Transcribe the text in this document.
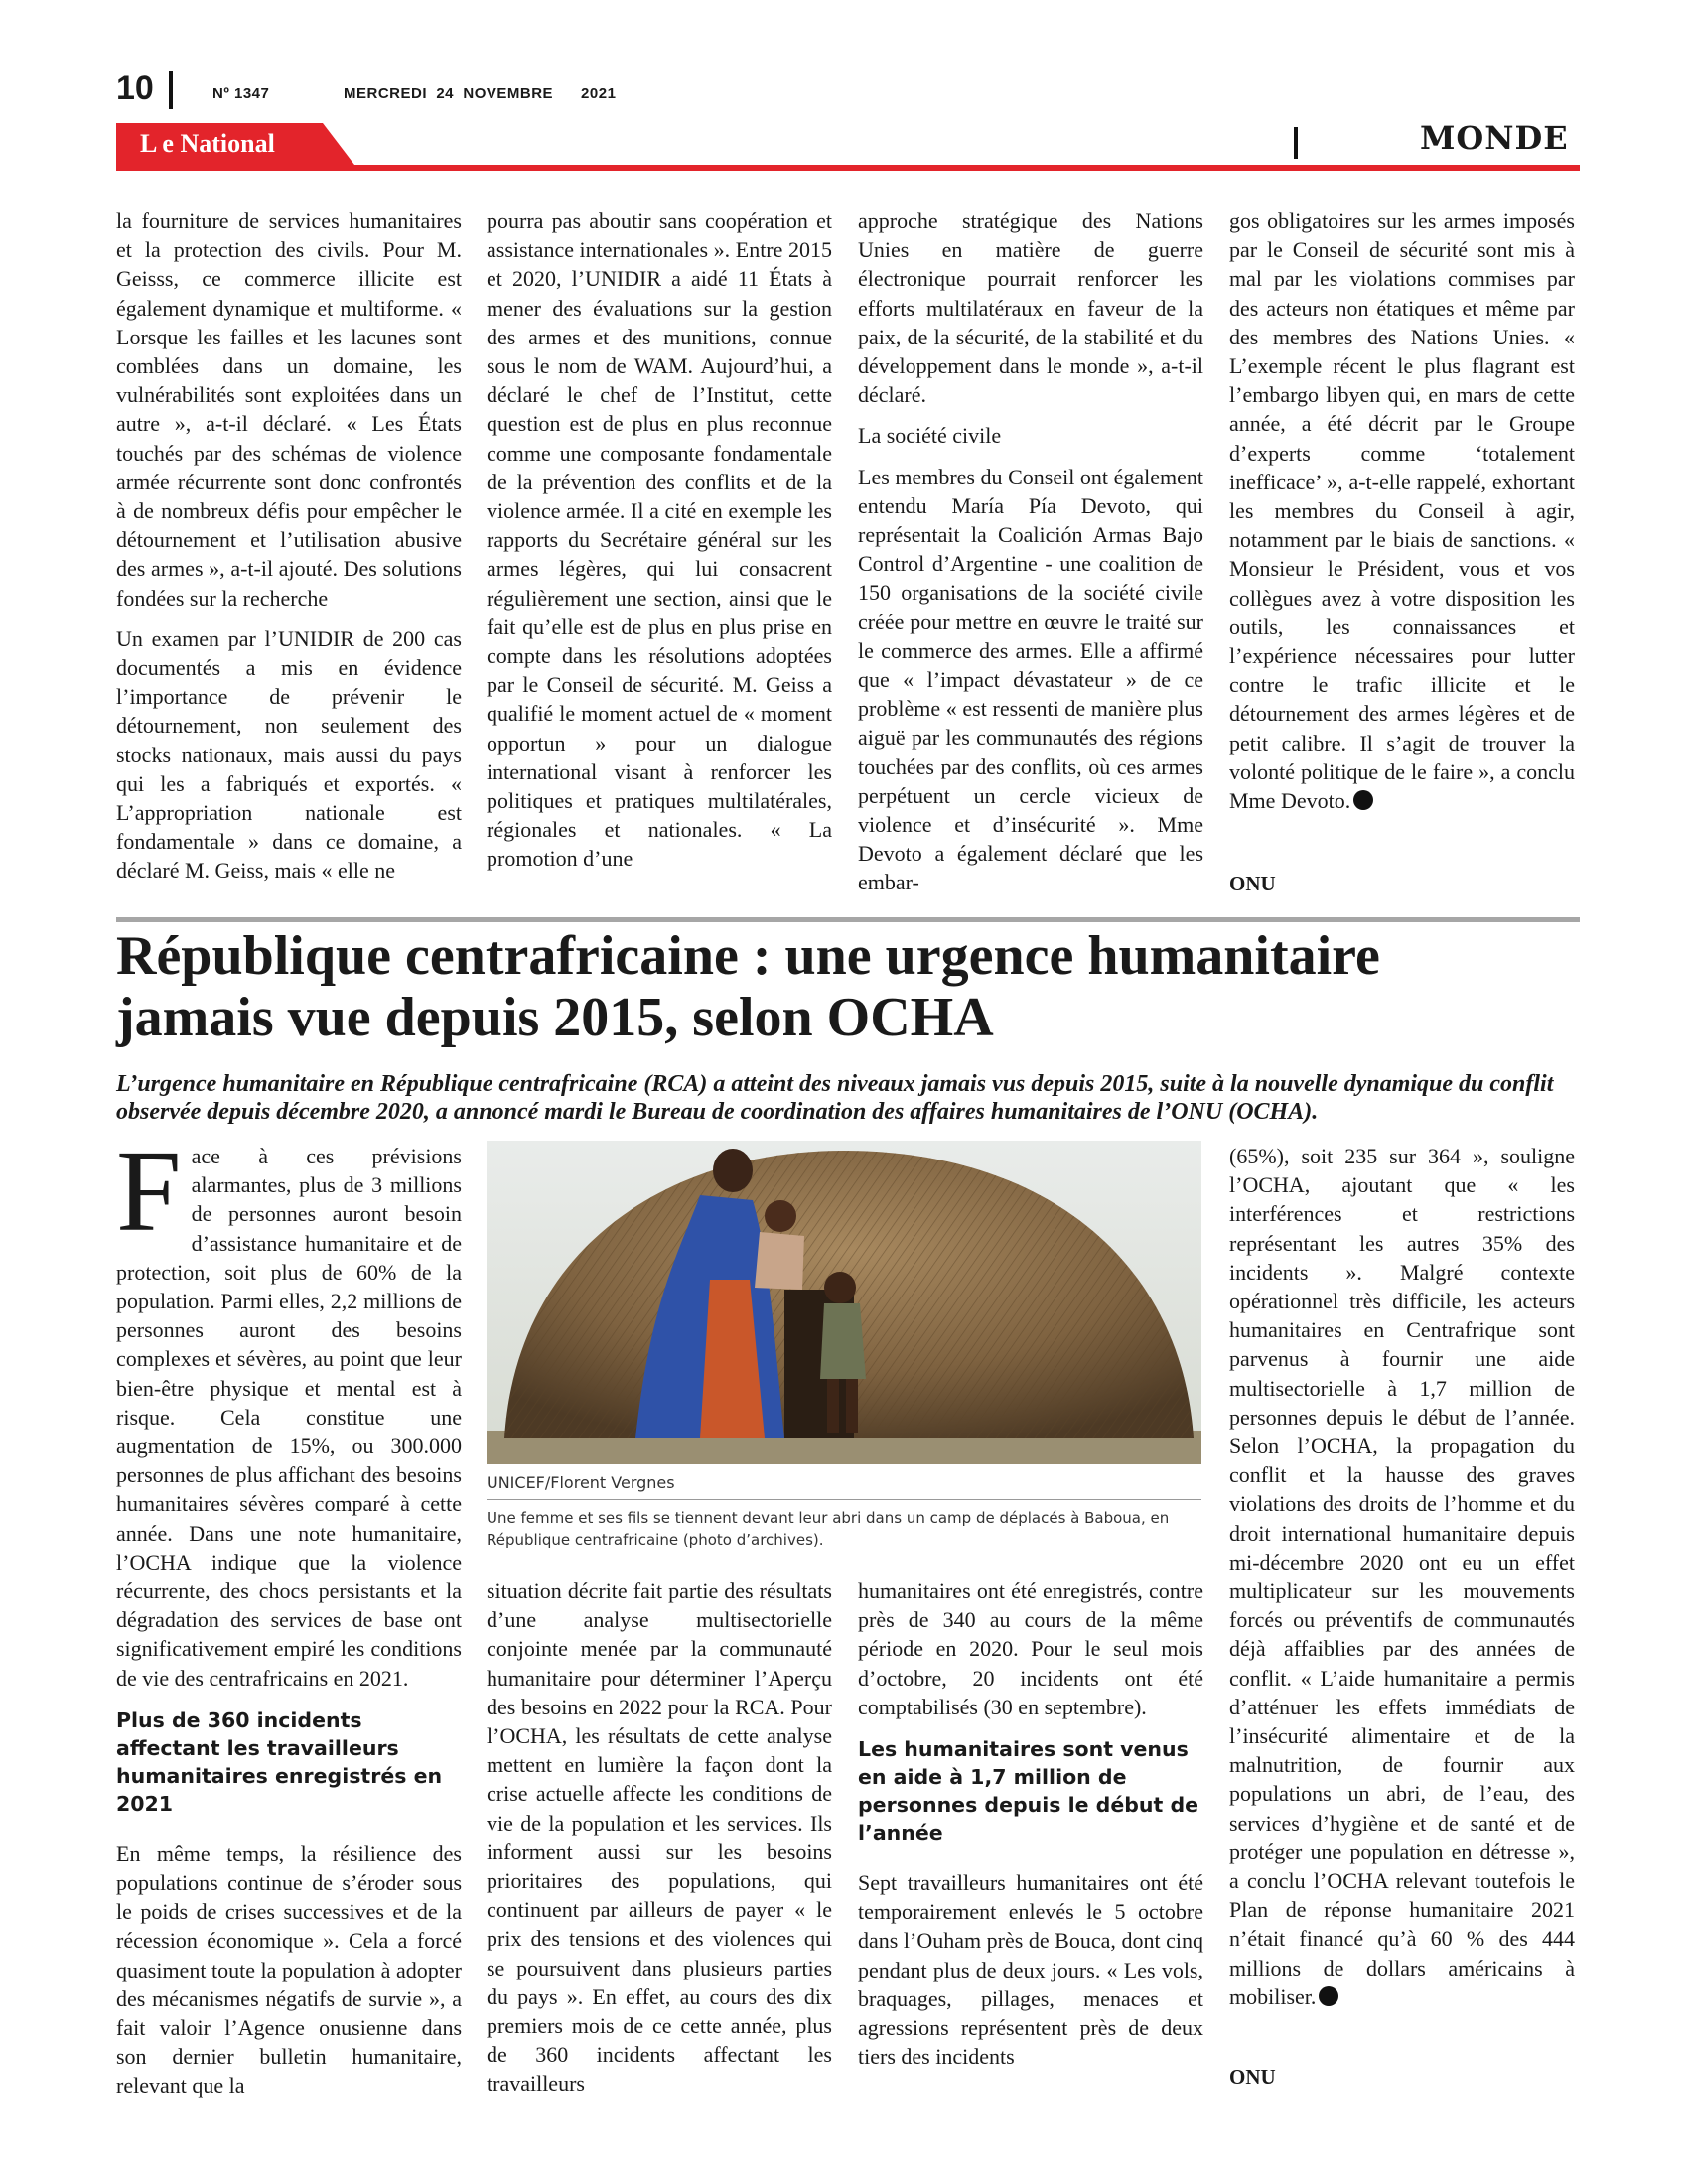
10	Nº 1347	MERCREDI  24  NOVEMBRE      2021
L e National	MONDE

la fourniture de services humanitaires et la protection des civils. Pour M. Geisss, ce commerce illicite est également dynamique et multiforme. « Lorsque les failles et les lacunes sont comblées dans un domaine, les vulnérabilités sont exploitées dans un autre », a-t-il déclaré. « Les États touchés par des schémas de violence armée récurrente sont donc confrontés à de nombreux défis pour empêcher le détournement et l’utilisation abusive des armes », a-t-il ajouté. Des solutions fondées sur la recherche

Un examen par l’UNIDIR de 200 cas documentés a mis en évidence l’importance de prévenir le détournement, non seulement des stocks nationaux, mais aussi du pays qui les a fabriqués et exportés. « L’appropriation nationale est fondamentale » dans ce domaine, a déclaré M. Geiss, mais « elle ne

pourra pas aboutir sans coopération et assistance internationales ». Entre 2015 et 2020, l’UNIDIR a aidé 11 États à mener des évaluations sur la gestion des armes et des munitions, connue sous le nom de WAM. Aujourd’hui, a déclaré le chef de l’Institut, cette question est de plus en plus reconnue comme une composante fondamentale de la prévention des conflits et de la violence armée. Il a cité en exemple les rapports du Secrétaire général sur les armes légères, qui lui consacrent régulièrement une section, ainsi que le fait qu’elle est de plus en plus prise en compte dans les résolutions adoptées par le Conseil de sécurité. M. Geiss a qualifié le moment actuel de « moment opportun » pour un dialogue international visant à renforcer les politiques et pratiques multilatérales, régionales et nationales. « La promotion d’une

approche stratégique des Nations Unies en matière de guerre électronique pourrait renforcer les efforts multilatéraux en faveur de la paix, de la sécurité, de la stabilité et du développement dans le monde », a-t-il déclaré.

La société civile

Les membres du Conseil ont également entendu María Pía Devoto, qui représentait la Coalición Armas Bajo Control d’Argentine - une coalition de 150 organisations de la société civile créée pour mettre en œuvre le traité sur le commerce des armes. Elle a affirmé que « l’impact dévastateur » de ce problème « est ressenti de manière plus aiguë par les communautés des régions touchées par des conflits, où ces armes perpétuent un cercle vicieux de violence et d’insécurité ». Mme Devoto a également déclaré que les embar-

gos obligatoires sur les armes imposés par le Conseil de sécurité sont mis à mal par les violations commises par des acteurs non étatiques et même par des membres des Nations Unies. « L’exemple récent le plus flagrant est l’embargo libyen qui, en mars de cette année, a été décrit par le Groupe d’experts comme ‘totalement inefficace’ », a-t-elle rappelé, exhortant les membres du Conseil à agir, notamment par le biais de sanctions. « Monsieur le Président, vous et vos collègues avez à votre disposition les outils, les connaissances et l’expérience nécessaires pour lutter contre le trafic illicite et le détournement des armes légères et de petit calibre. Il s’agit de trouver la volonté politique de le faire », a conclu Mme Devoto.

ONU
République centrafricaine : une urgence humanitaire
jamais vue depuis 2015, selon OCHA
L’urgence humanitaire en République centrafricaine (RCA) a atteint des niveaux jamais vus depuis 2015, suite à la nouvelle dynamique du conflit observée depuis décembre 2020, a annoncé mardi le Bureau de coordination des affaires humanitaires de l’ONU (OCHA).

Face à ces prévisions alarmantes, plus de 3 millions de personnes auront besoin d’assistance humanitaire et de protection, soit plus de 60% de la population. Parmi elles, 2,2 millions de personnes auront des besoins complexes et sévères, au point que leur bien-être physique et mental est à risque. Cela constitue une augmentation de 15%, ou 300.000 personnes de plus affichant des besoins humanitaires sévères comparé à cette année. Dans une note humanitaire, l’OCHA indique que la violence récurrente, des chocs persistants et la dégradation des services de base ont significativement empiré les conditions de vie des centrafricains en 2021.

Plus de 360 incidents affectant les travailleurs humanitaires enregistrés en 2021

En même temps, la résilience des populations continue de s’éroder sous le poids de crises successives et de la récession économique ». Cela a forcé quasiment toute la population à adopter des mécanismes négatifs de survie », a fait valoir l’Agence onusienne dans son dernier bulletin humanitaire, relevant que la

UNICEF/Florent Vergnes
Une femme et ses fils se tiennent devant leur abri dans un camp de déplacés à Baboua, en République centrafricaine (photo d’archives).

situation décrite fait partie des résultats d’une analyse multisectorielle conjointe menée par la communauté humanitaire pour déterminer l’Aperçu des besoins en 2022 pour la RCA. Pour l’OCHA, les résultats de cette analyse mettent en lumière la façon dont la crise actuelle affecte les conditions de vie de la population et les services. Ils informent aussi sur les besoins prioritaires des populations, qui continuent par ailleurs de payer « le prix des tensions et des violences qui se poursuivent dans plusieurs parties du pays ». En effet, au cours des dix premiers mois de ce cette année, plus de 360 incidents affectant les travailleurs

humanitaires ont été enregistrés, contre près de 340 au cours de la même période en 2020. Pour le seul mois d’octobre, 20 incidents ont été comptabilisés (30 en septembre).

Les humanitaires sont venus en aide à 1,7 million de personnes depuis le début de l’année

Sept travailleurs humanitaires ont été temporairement enlevés le 5 octobre dans l’Ouham près de Bouca, dont cinq pendant plus de deux jours. « Les vols, braquages, pillages, menaces et agressions représentent près de deux tiers des incidents

(65%), soit 235 sur 364 », souligne l’OCHA, ajoutant que « les interférences et restrictions représentant les autres 35% des incidents ». Malgré contexte opérationnel très difficile, les acteurs humanitaires en Centrafrique sont parvenus à fournir une aide multisectorielle à 1,7 million de personnes depuis le début de l’année. Selon l’OCHA, la propagation du conflit et la hausse des graves violations des droits de l’homme et du droit international humanitaire depuis mi-décembre 2020 ont eu un effet multiplicateur sur les mouvements forcés ou préventifs de communautés déjà affaiblies par des années de conflit. « L’aide humanitaire a permis d’atténuer les effets immédiats de l’insécurité alimentaire et de la malnutrition, de fournir aux populations un abri, de l’eau, des services d’hygiène et de santé et de protéger une population en détresse », a conclu l’OCHA relevant toutefois le Plan de réponse humanitaire 2021 n’était financé qu’à 60 % des 444 millions de dollars américains à mobiliser.

ONU
